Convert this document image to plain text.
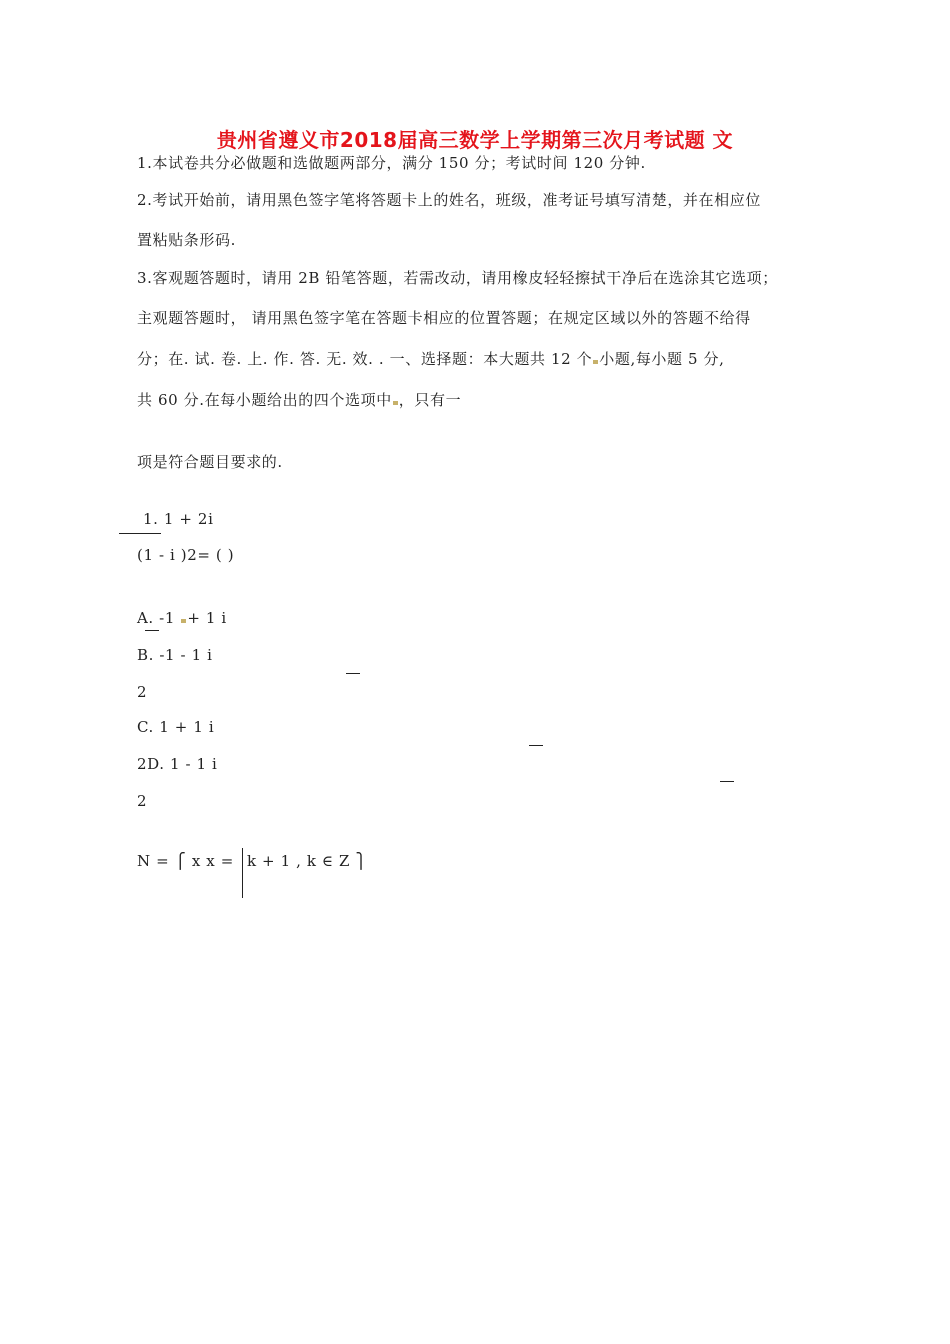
贵州省遵义市2018届高三数学上学期第三次月考试题 文
1.本试卷共分必做题和选做题两部分，满分 150 分；考试时间 120 分钟.
2.考试开始前，请用黑色签字笔将答题卡上的姓名，班级，准考证号填写清楚，并在相应位
置粘贴条形码.
3.客观题答题时，请用 2B 铅笔答题，若需改动，请用橡皮轻轻擦拭干净后在选涂其它选项；
主观题答题时， 请用黑色签字笔在答题卡相应的位置答题；在规定区域以外的答题不给得
分；在. 试. 卷. 上. 作. 答. 无. 效. . 一、选择题：本大题共 12 个 小题,每小题 5 分,
共 60 分.在每小题给出的四个选项中 ，只有一
项是符合题目要求的.
1. 1 + 2i
(1 - i )2= ( )
A. -1 + 1 i
B. -1 - 1 i
2
C. 1 + 1 i
2D. 1 - 1 i
2
N = ⎧ x x = k + 1 , k ∈ Z ⎫
